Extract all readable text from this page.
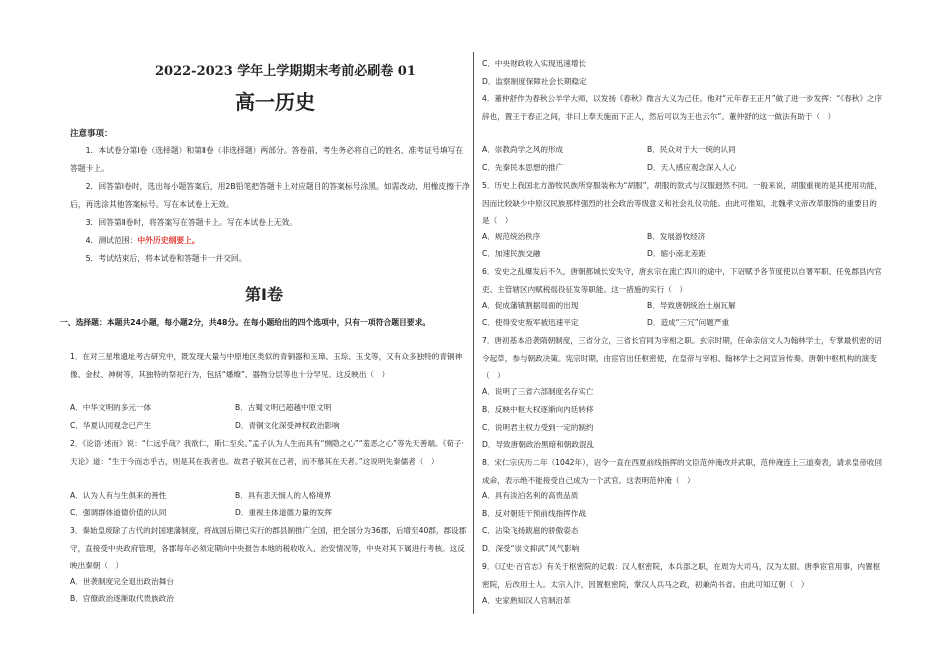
2022-2023 学年上学期期末考前必刷卷 01
高一历史
注意事项：
1．本试卷分第Ⅰ卷（选择题）和第Ⅱ卷（非选择题）两部分。答卷前，考生务必将自己的姓名、准考证号填写在答题卡上。
2．回答第Ⅰ卷时，选出每小题答案后，用2B铅笔把答题卡上对应题目的答案标号涂黑。如需改动，用橡皮擦干净后，再选涂其他答案标号。写在本试卷上无效。
3．回答第Ⅱ卷时，将答案写在答题卡上。写在本试卷上无效。
4．测试范围：中外历史纲要上。
5．考试结束后，将本试卷和答题卡一并交回。
第Ⅰ卷
一、选择题：本题共24小题，每小题2分，共48分。在每小题给出的四个选项中，只有一项符合题目要求。
1．在对三星堆遗址考古研究中，既发现大量与中原地区类似的青铜器和玉璋、玉琮、玉戈等，又有众多独特的青铜神像、金杖、神树等，其独特的祭祀行为，包括“燔燎”、器物分层等也十分罕见。这反映出（　）
A．中华文明的多元一体	B．古蜀文明已超越中原文明
C．华夏认同观念已产生	D．青铜文化深受神权政治影响
2．《论语·述而》说：“仁远乎哉？我欲仁，斯仁至矣。”孟子认为人生而具有“恻隐之心”“羞恶之心”等先天善端。《荀子·天论》道：“生于今而志乎古，则是其在我者也。故君子敬其在己者，而不慕其在天者。”这说明先秦儒者（　）
A．认为人有与生俱来的善性	B．具有悲天悯人的人格境界
C．强调群体道德价值的认同	D．重视主体道德力量的发挥
3．秦始皇废除了古代的封国建藩制度，将战国后期已实行的郡县制推广全国，把全国分为36郡，后增至40郡，郡设郡守，直接受中央政府管理，各郡每年必须定期向中央报告本地的税收收入、治安情况等，中央对其下属进行考核。这反映出秦朝（　）
A．世袭制度完全退出政治舞台
B．官僚政治逐渐取代贵族政治
C．中央财政收入实现迅速增长
D．监察制度保障社会长期稳定
4．董仲舒作为春秋公羊学大师，以发扬《春秋》微言大义为己任。他对“元年春王正月”做了进一步发挥：“《春秋》之序辞也，置王于春正之间，非曰上奉天施而下正人，然后可以为王也云尔”。董仲舒的这一做法有助于（　）
A．崇教尚学之风的形成	B．民众对于大一统的认同
C．先秦民本思想的推广	D．天人感应观念深入人心
5．历史上我国北方游牧民族所穿服装称为“胡服”，胡服的款式与汉服迥然不同。一般来说，胡服重视的是其使用功能，因而比较缺少中原汉民族那样强烈的社会政治等级意义和社会礼仪功能。由此可推知，北魏孝文帝改革服饰的重要目的是（　）
A．规范统治秩序	B．发展游牧经济
C．加速民族交融	D．缩小南北差距
6．安史之乱爆发后不久，唐朝都城长安失守，唐玄宗在流亡四川的途中，下诏赋予各节度使以自署军职、任免郡县内官吏、主管辖区内赋税徭役征发等职能。这一措施的实行（　）
A．促成藩镇割据局面的出现	B．导致唐朝统治土崩瓦解
C．使得安史叛军被迅速平定	D．造成“三冗”问题严重
7．唐初基本沿袭隋朝制度，三省分立，三省长官同为宰相之职。玄宗时期，任命亲信文人为翰林学士，专掌最机密的诏令起草，参与朝政决策。宪宗时期，由宦官出任枢密使，在皇帝与宰相、翰林学士之间宣旨传奏。唐朝中枢机构的演变（　）
A．说明了三省六部制度名存实亡
B．反映中枢大权逐渐向内廷转移
C．说明君主权力受到一定的制约
D．导致唐朝政治黑暗和朝政混乱
8．宋仁宗庆历二年（1042年），诏令一直在西夏前线指挥的文臣范仲淹改并武职，范仲淹连上三道奏表，请求皇帝收回成命，表示绝不能接受自己成为一个武官。这表明范仲淹（　）
A．具有淡泊名利的高贵品质
B．反对朝廷干预前线指挥作战
C．沾染飞扬跋扈的骄傲姿态
D．深受“崇文抑武”风气影响
9．《辽史·百官志》有关于枢密院的记载：汉人枢密院，本兵部之职，在周为大司马，汉为太尉。唐季宦官用事，内置枢密院，后改用士人。太宗入汴，因置枢密院，掌汉人兵马之政，初兼尚书省。由此可知辽朝（　）
A．史家熟知汉人官制沿革
